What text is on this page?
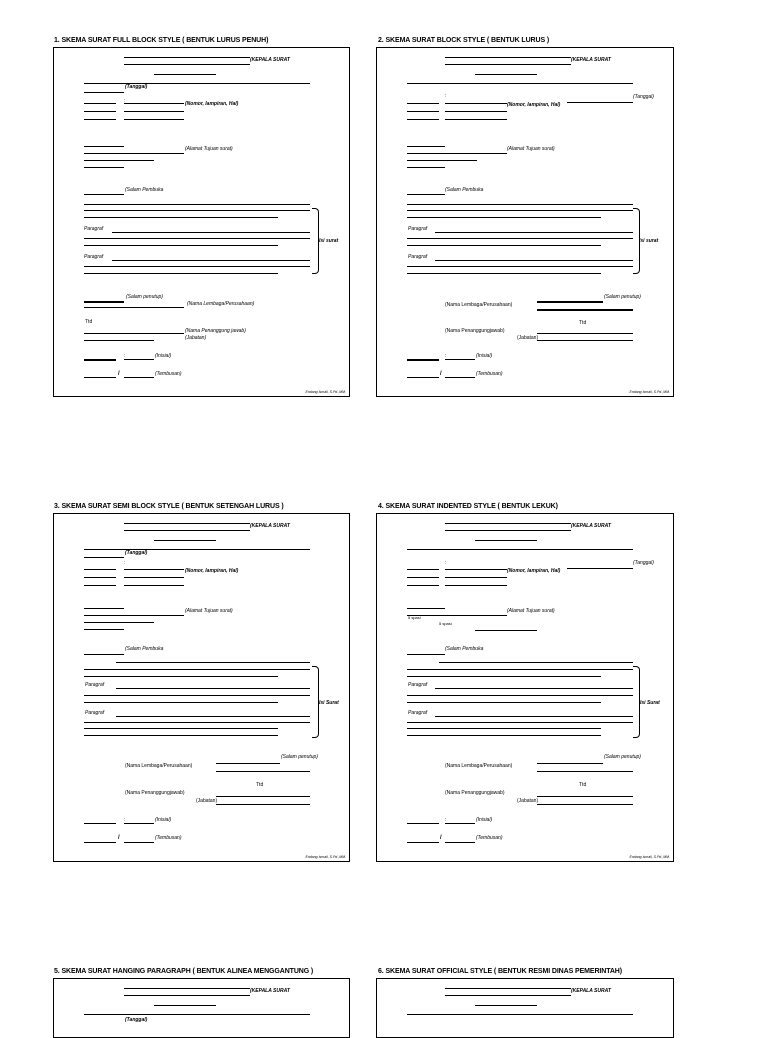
1. SKEMA SURAT FULL BLOCK STYLE ( BENTUK LURUS PENUH)
(KEPALA SURAT
(Tanggal)
:	(Nomor, lampiran, Hal)
(Alamat Tujuan surat)
(Salam Pembuka
Paragraf
Paragraf
Isi surat
(Salam penutup)
(Nama Lembaga/Perusahaan)
Ttd
(Nama Penanggung jawab)
(Jabatan)
:	(Inisial)
/	(Tembusan)
Endang Ismail, S.Pd.,MM.
2. SKEMA SURAT BLOCK STYLE ( BENTUK LURUS )
(KEPALA SURAT
:	(Tanggal)
(Nomor, lampiran, Hal)
(Alamat Tujuan surat)
(Salam Pembuka
Paragraf
Paragraf
Isi surat
(Salam penutup)
(Nama Lembaga/Perusahaan)
Ttd
(Nama Penanggungjawab)
(Jabatan)
:	(Inisial)
/	(Tembusan)
Endang Ismail, S.Pd.,MM.
3. SKEMA SURAT SEMI BLOCK STYLE ( BENTUK SETENGAH LURUS )
(KEPALA SURAT
(Tanggal)
:
(Nomor, lampiran, Hal)
(Alamat Tujuan surat)
(Salam Pembuka
Paragraf
Paragraf
Isi Surat
(Salam penutup)
(Nama Lembaga/Perusahaan)
Ttd
(Nama Penanggungjawab)
(Jabatan)
:	(Inisial)
/	(Tembusan)
Endang Ismail, S.Pd.,MM.
4. SKEMA SURAT INDENTED STYLE ( BENTUK LEKUK)
(KEPALA SURAT
:	(Tanggal)
(Nomor, lampiran, Hal)
(Alamat Tujuan surat)
5 spasi
5 spasi
(Salam Pembuka
Paragraf
Paragraf
Isi Surat
(Salam penutup)
(Nama Lembaga/Perusahaan)
Ttd
(Nama Penanggungjawab)
(Jabatan)
:	(Inisial)
/	(Tembusan)
Endang Ismail, S.Pd.,MM.
5. SKEMA SURAT HANGING PARAGRAPH ( BENTUK ALINEA MENGGANTUNG )
(KEPALA SURAT
(Tanggal)
6. SKEMA SURAT OFFICIAL STYLE ( BENTUK RESMI DINAS PEMERINTAH)
(KEPALA SURAT
